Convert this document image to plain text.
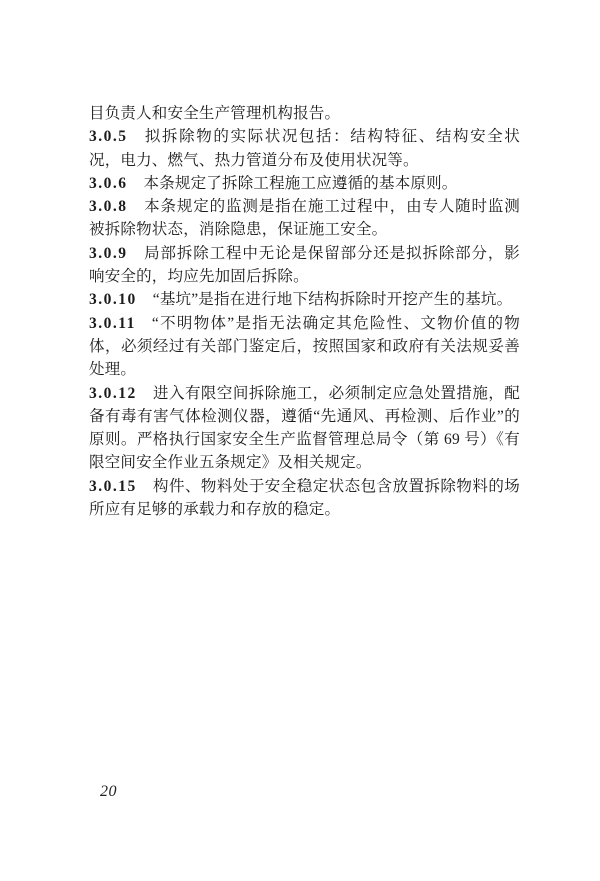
目负责人和安全生产管理机构报告。

3.0.5 拟拆除物的实际状况包括：结构特征、结构安全状况，电力、燃气、热力管道分布及使用状况等。

3.0.6 本条规定了拆除工程施工应遵循的基本原则。

3.0.8 本条规定的监测是指在施工过程中，由专人随时监测被拆除物状态，消除隐患，保证施工安全。

3.0.9 局部拆除工程中无论是保留部分还是拟拆除部分，影响安全的，均应先加固后拆除。

3.0.10 “基坑”是指在进行地下结构拆除时开挖产生的基坑。

3.0.11 “不明物体”是指无法确定其危险性、文物价值的物体，必须经过有关部门鉴定后，按照国家和政府有关法规妥善处理。

3.0.12 进入有限空间拆除施工，必须制定应急处置措施，配备有毒有害气体检测仪器，遵循“先通风、再检测、后作业”的原则。严格执行国家安全生产监督管理总局令（第 69 号）《有限空间安全作业五条规定》及相关规定。

3.0.15 构件、物料处于安全稳定状态包含放置拆除物料的场所应有足够的承载力和存放的稳定。

20
